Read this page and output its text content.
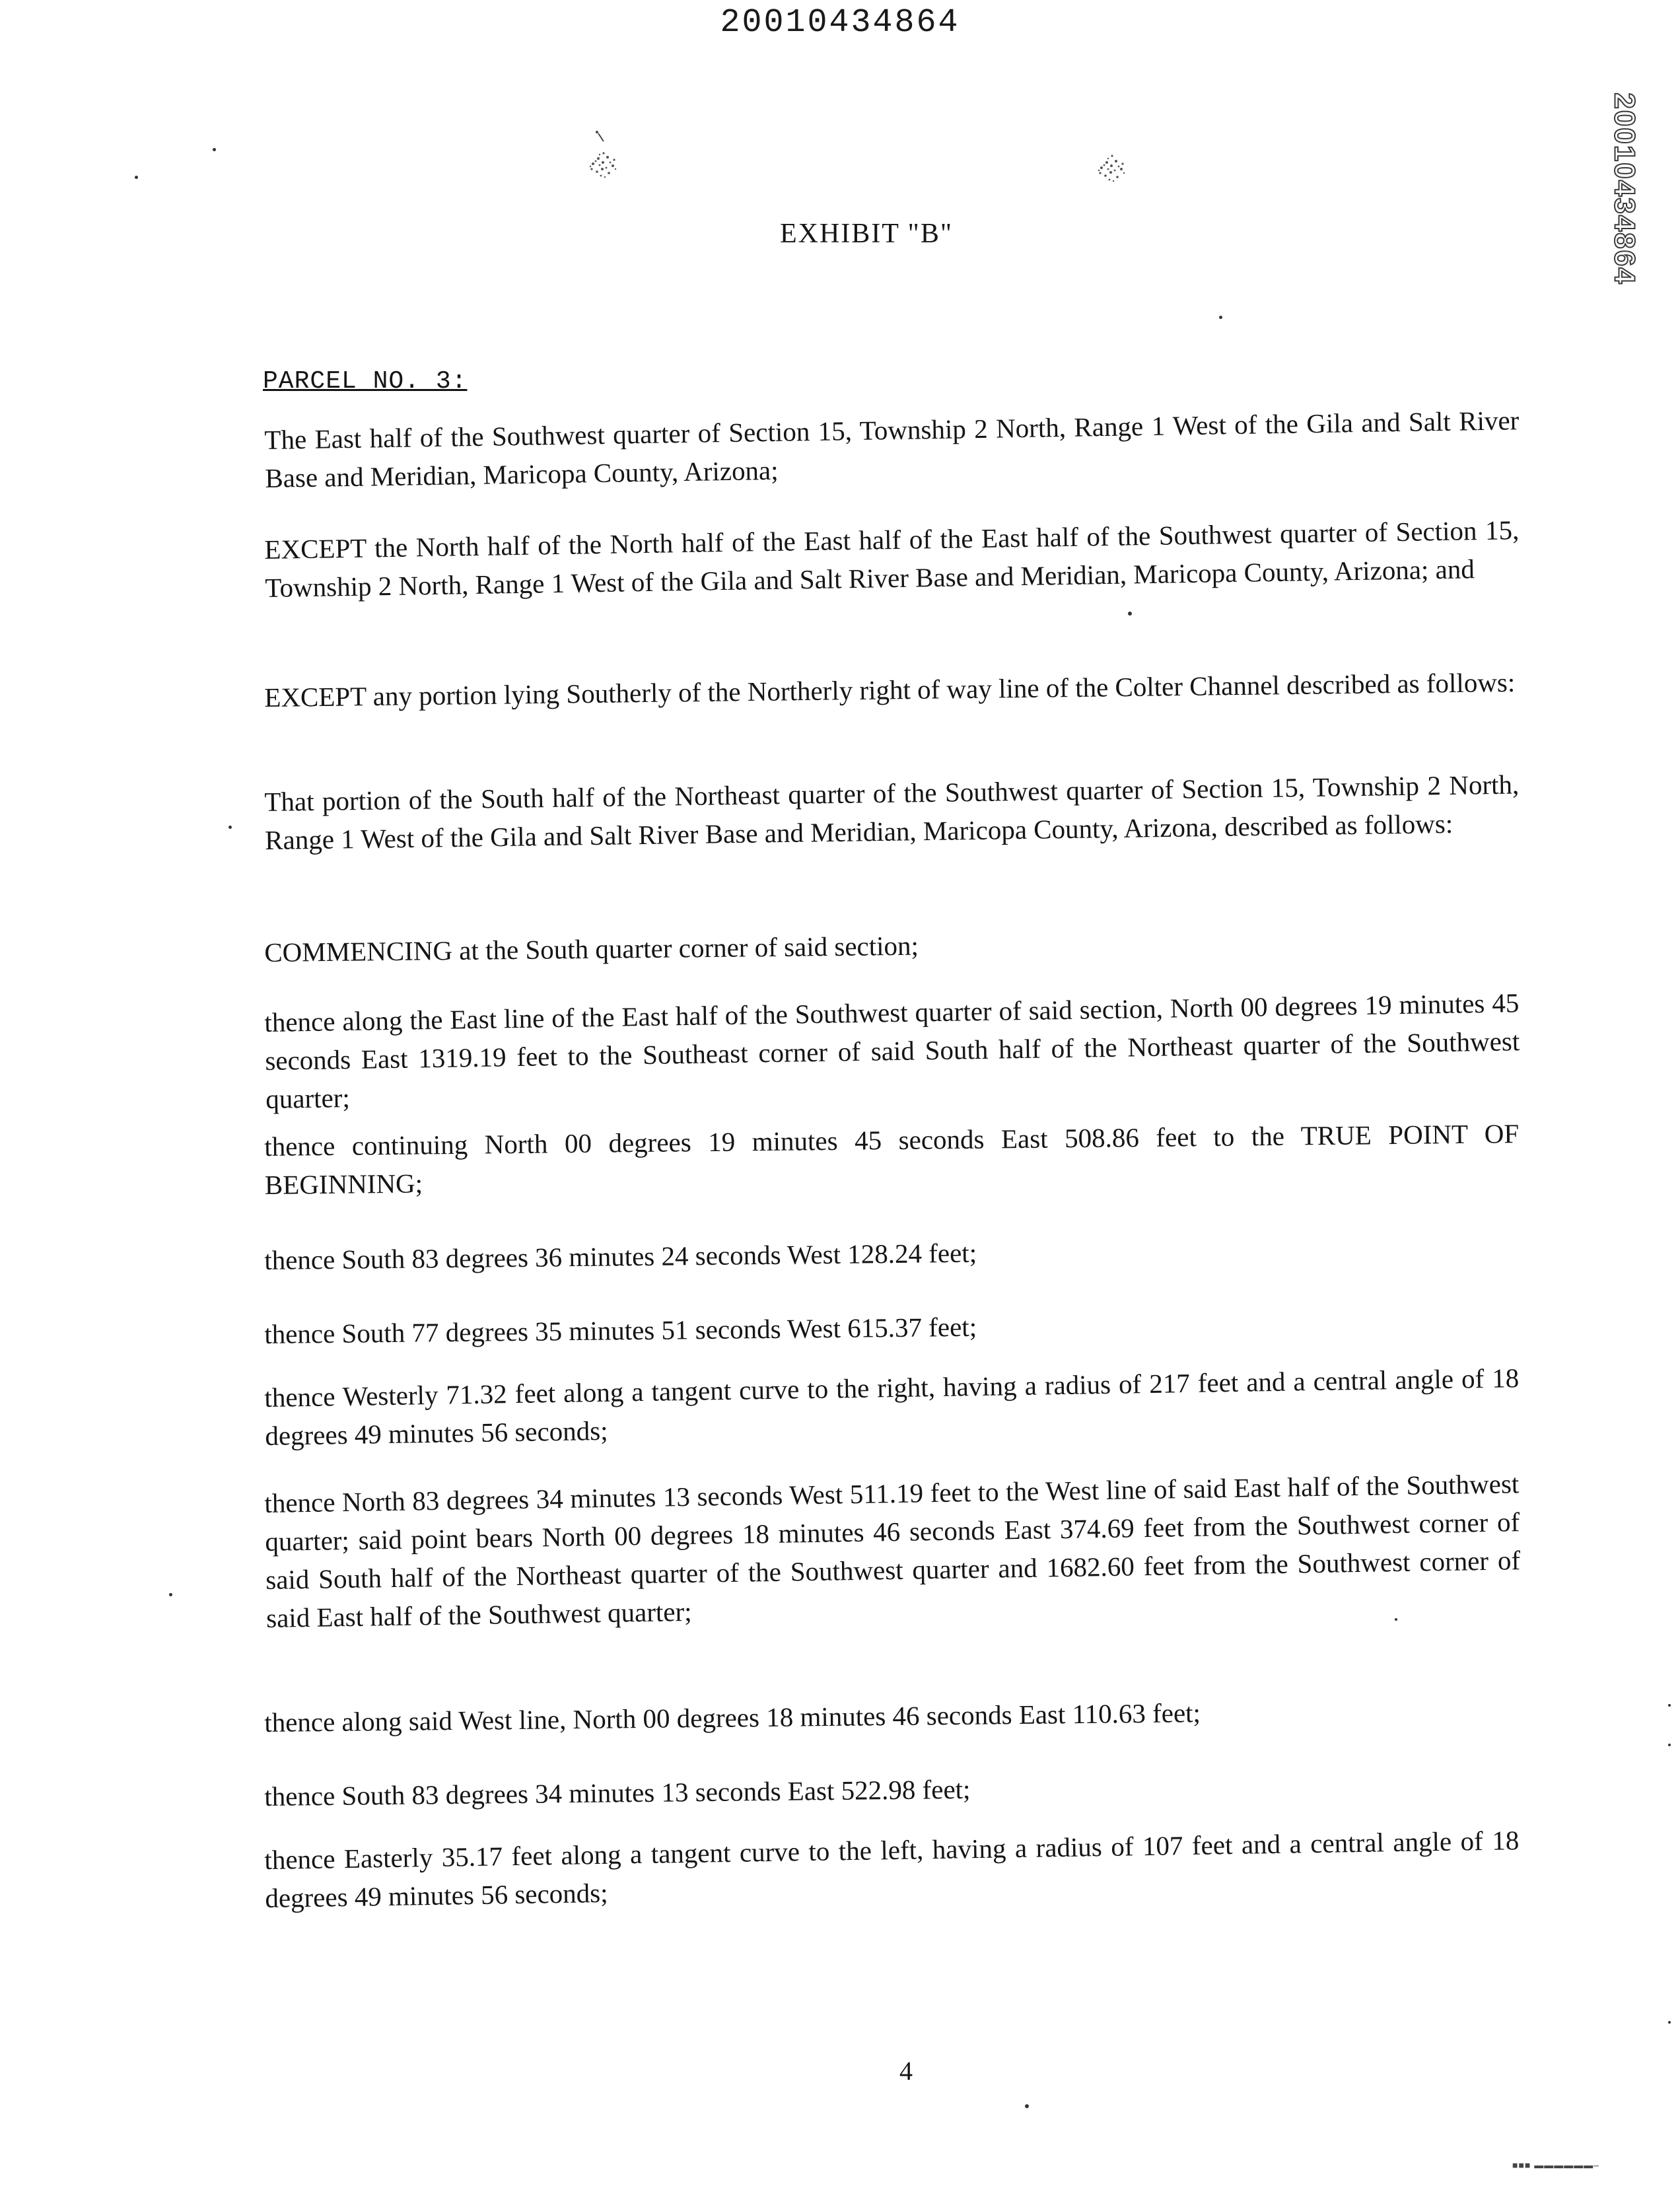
20010434864
20010434864
EXHIBIT "B"
PARCEL NO. 3:

The East half of the Southwest quarter of Section 15, Township 2 North, Range 1 West of the Gila and Salt River Base and Meridian, Maricopa County, Arizona;

EXCEPT the North half of the North half of the East half of the East half of the Southwest quarter of Section 15, Township 2 North, Range 1 West of the Gila and Salt River Base and Meridian, Maricopa County, Arizona; and

EXCEPT any portion lying Southerly of the Northerly right of way line of the Colter Channel described as follows:

That portion of the South half of the Northeast quarter of the Southwest quarter of Section 15, Township 2 North, Range 1 West of the Gila and Salt River Base and Meridian, Maricopa County, Arizona, described as follows:

COMMENCING at the South quarter corner of said section;

thence along the East line of the East half of the Southwest quarter of said section, North 00 degrees 19 minutes 45 seconds East 1319.19 feet to the Southeast corner of said South half of the Northeast quarter of the Southwest quarter;

thence continuing North 00 degrees 19 minutes 45 seconds East 508.86 feet to the TRUE POINT OF BEGINNING;

thence South 83 degrees 36 minutes 24 seconds West 128.24 feet;

thence South 77 degrees 35 minutes 51 seconds West 615.37 feet;

thence Westerly 71.32 feet along a tangent curve to the right, having a radius of 217 feet and a central angle of 18 degrees 49 minutes 56 seconds;

thence North 83 degrees 34 minutes 13 seconds West 511.19 feet to the West line of said East half of the Southwest quarter; said point bears North 00 degrees 18 minutes 46 seconds East 374.69 feet from the Southwest corner of said South half of the Northeast quarter of the Southwest quarter and 1682.60 feet from the Southwest corner of said East half of the Southwest quarter;

thence along said West line, North 00 degrees 18 minutes 46 seconds East 110.63 feet;

thence South 83 degrees 34 minutes 13 seconds East 522.98 feet;

thence Easterly 35.17 feet along a tangent curve to the left, having a radius of 107 feet and a central angle of 18 degrees 49 minutes 56 seconds;

4
■■■ ▬▬▬▬▬▬–
